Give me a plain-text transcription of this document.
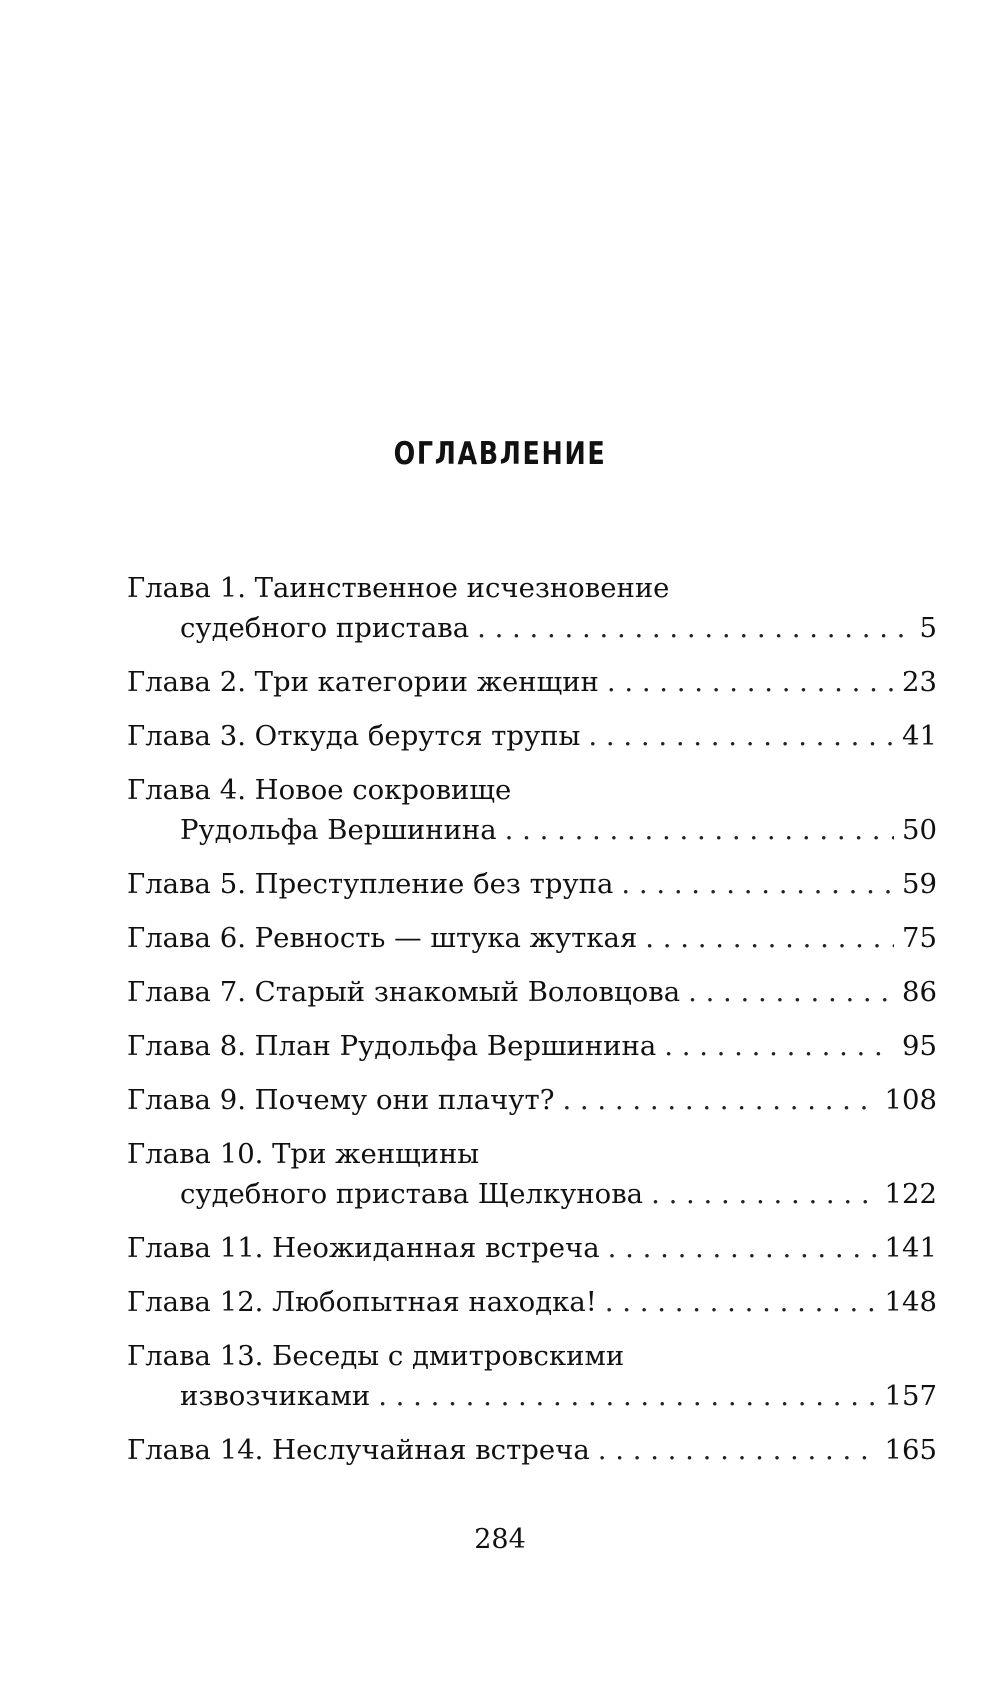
ОГЛАВЛЕНИЕ
Глава 1. Таинственное исчезновение
судебного пристава . . .	5
Глава 2. Три категории женщин . . .	23
Глава 3. Откуда берутся трупы . . .	41
Глава 4. Новое сокровище
Рудольфа Вершинина . . .	50
Глава 5. Преступление без трупа . . .	59
Глава 6. Ревность — штука жуткая . . .	75
Глава 7. Старый знакомый Воловцова . . .	86
Глава 8. План Рудольфа Вершинина . . .	95
Глава 9. Почему они плачут? . . .	108
Глава 10. Три женщины
судебного пристава Щелкунова . . .	122
Глава 11. Неожиданная встреча . . .	141
Глава 12. Любопытная находка! . . .	148
Глава 13. Беседы с дмитровскими
извозчиками . . .	157
Глава 14. Неслучайная встреча . . .	165
284
